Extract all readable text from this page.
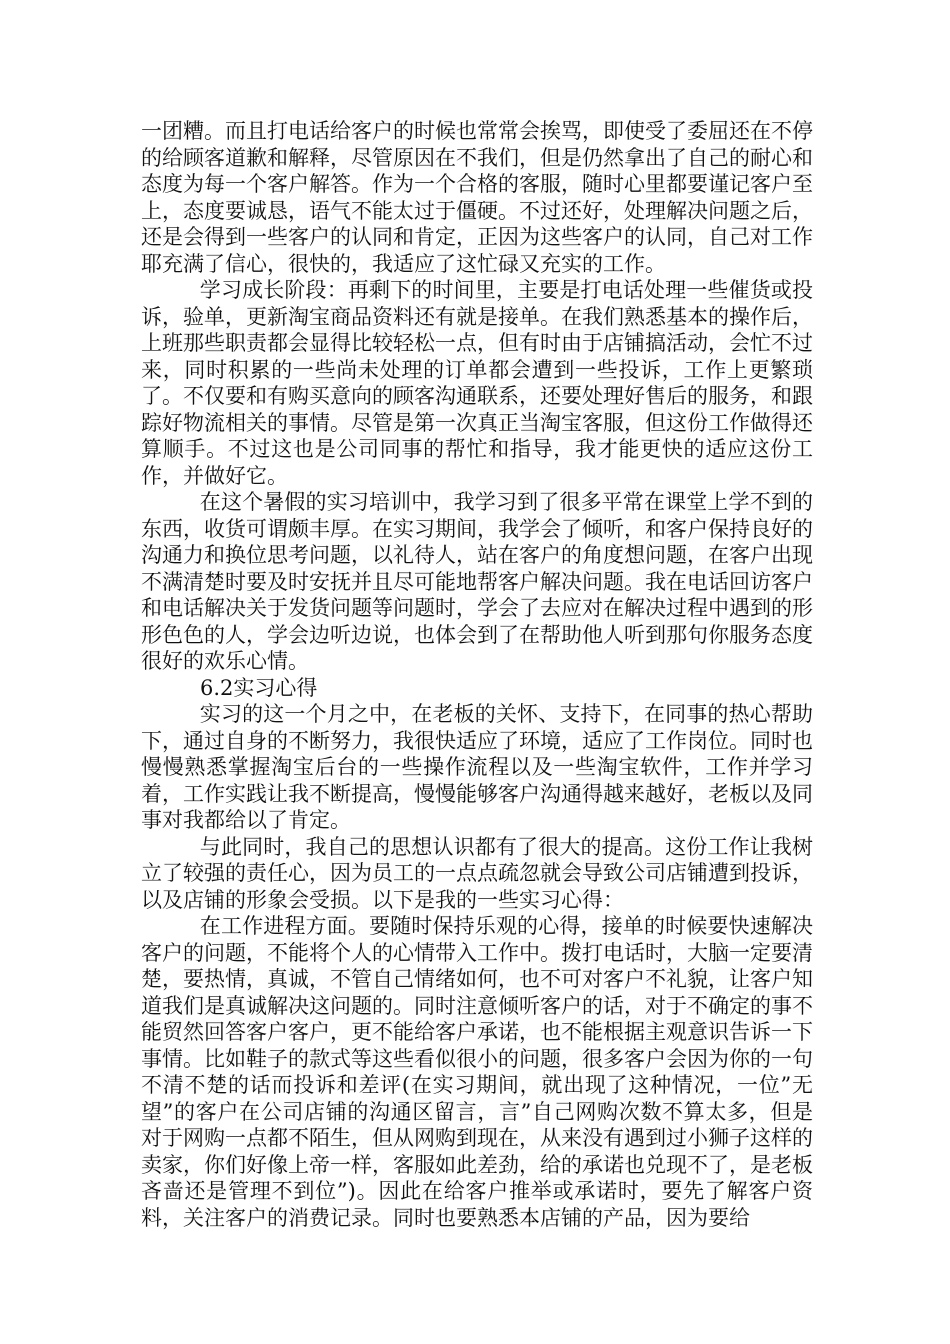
一团糟。而且打电话给客户的时候也常常会挨骂，即使受了委屈还在不停的给顾客道歉和解释，尽管原因在不我们，但是仍然拿出了自己的耐心和态度为每一个客户解答。作为一个合格的客服，随时心里都要谨记客户至上，态度要诚恳，语气不能太过于僵硬。不过还好，处理解决问题之后，还是会得到一些客户的认同和肯定，正因为这些客户的认同，自己对工作耶充满了信心，很快的，我适应了这忙碌又充实的工作。

学习成长阶段：再剩下的时间里，主要是打电话处理一些催货或投诉，验单，更新淘宝商品资料还有就是接单。在我们熟悉基本的操作后，上班那些职责都会显得比较轻松一点，但有时由于店铺搞活动，会忙不过来，同时积累的一些尚未处理的订单都会遭到一些投诉，工作上更繁琐了。不仅要和有购买意向的顾客沟通联系，还要处理好售后的服务，和跟踪好物流相关的事情。尽管是第一次真正当淘宝客服，但这份工作做得还算顺手。不过这也是公司同事的帮忙和指导，我才能更快的适应这份工作，并做好它。

在这个暑假的实习培训中，我学习到了很多平常在课堂上学不到的东西，收货可谓颇丰厚。在实习期间，我学会了倾听，和客户保持良好的沟通力和换位思考问题，以礼待人，站在客户的角度想问题，在客户出现不满清楚时要及时安抚并且尽可能地帮客户解决问题。我在电话回访客户和电话解决关于发货问题等问题时，学会了去应对在解决过程中遇到的形形色色的人，学会边听边说，也体会到了在帮助他人听到那句你服务态度很好的欢乐心情。

6.2实习心得

实习的这一个月之中，在老板的关怀、支持下，在同事的热心帮助下，通过自身的不断努力，我很快适应了环境，适应了工作岗位。同时也慢慢熟悉掌握淘宝后台的一些操作流程以及一些淘宝软件，工作并学习着，工作实践让我不断提高，慢慢能够客户沟通得越来越好，老板以及同事对我都给以了肯定。

与此同时，我自己的思想认识都有了很大的提高。这份工作让我树立了较强的责任心，因为员工的一点点疏忽就会导致公司店铺遭到投诉，以及店铺的形象会受损。以下是我的一些实习心得：

在工作进程方面。要随时保持乐观的心得，接单的时候要快速解决客户的问题，不能将个人的心情带入工作中。拨打电话时，大脑一定要清楚，要热情，真诚，不管自己情绪如何，也不可对客户不礼貌，让客户知道我们是真诚解决这问题的。同时注意倾听客户的话，对于不确定的事不能贸然回答客户客户，更不能给客户承诺，也不能根据主观意识告诉一下事情。比如鞋子的款式等这些看似很小的问题，很多客户会因为你的一句不清不楚的话而投诉和差评(在实习期间，就出现了这种情况，一位”无望”的客户在公司店铺的沟通区留言，言”自己网购次数不算太多，但是对于网购一点都不陌生，但从网购到现在，从来没有遇到过小狮子这样的卖家，你们好像上帝一样，客服如此差劲，给的承诺也兑现不了，是老板吝啬还是管理不到位”)。因此在给客户推举或承诺时，要先了解客户资料，关注客户的消费记录。同时也要熟悉本店铺的产品，因为要给
